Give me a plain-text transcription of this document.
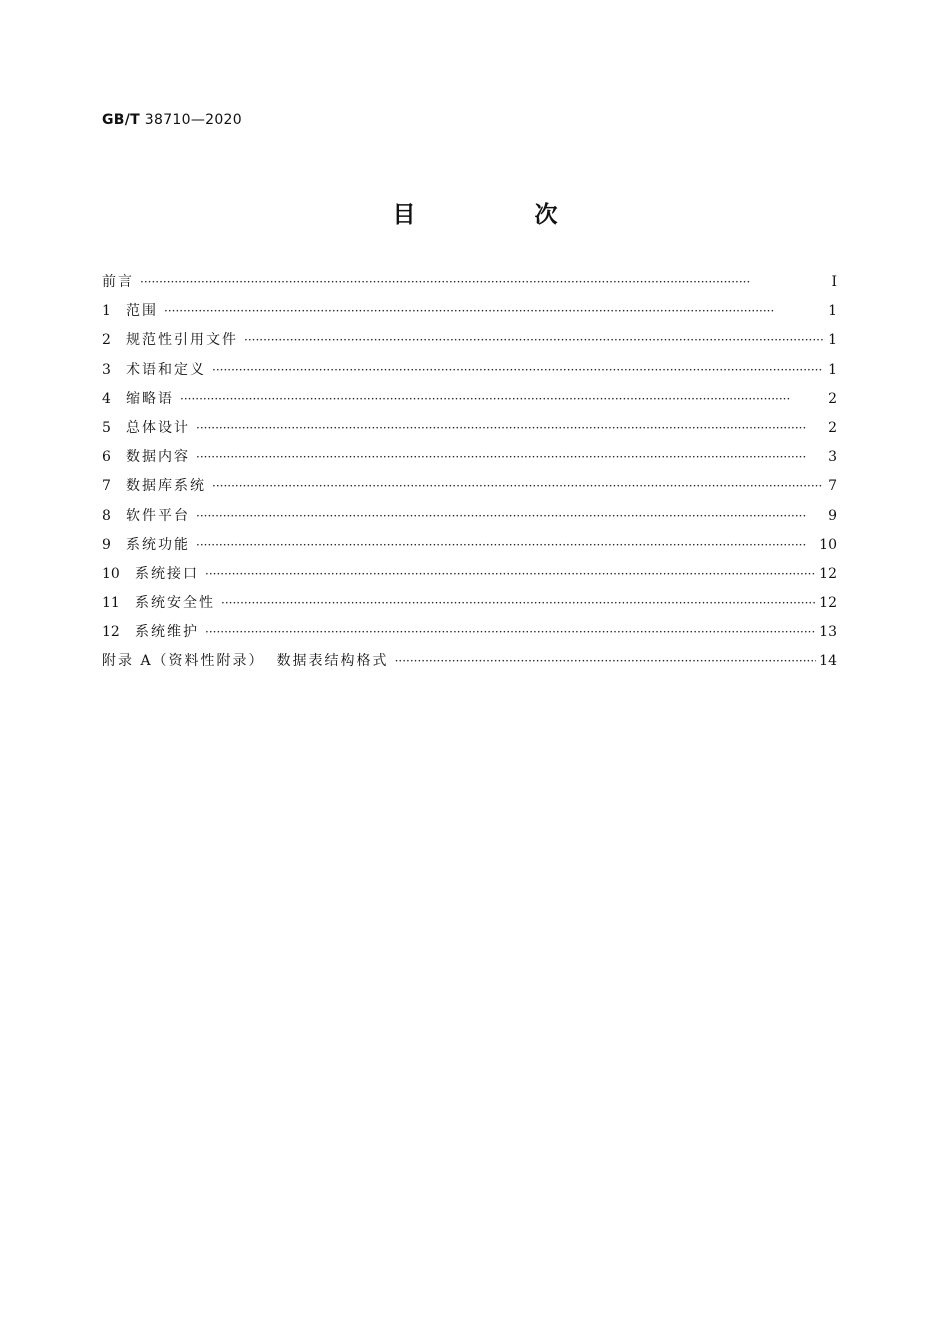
GB/T 38710—2020
目　次
前言 ·····	Ⅰ
1	范围 ·····	1
2	规范性引用文件 ·····	1
3	术语和定义 ·····	1
4	缩略语 ·····	2
5	总体设计 ·····	2
6	数据内容 ·····	3
7	数据库系统 ·····	7
8	软件平台 ·····	9
9	系统功能 ·····	10
10	系统接口 ·····	12
11	系统安全性 ·····	12
12	系统维护 ·····	13
附录 A（资料性附录） 数据表结构格式 ·····	14
